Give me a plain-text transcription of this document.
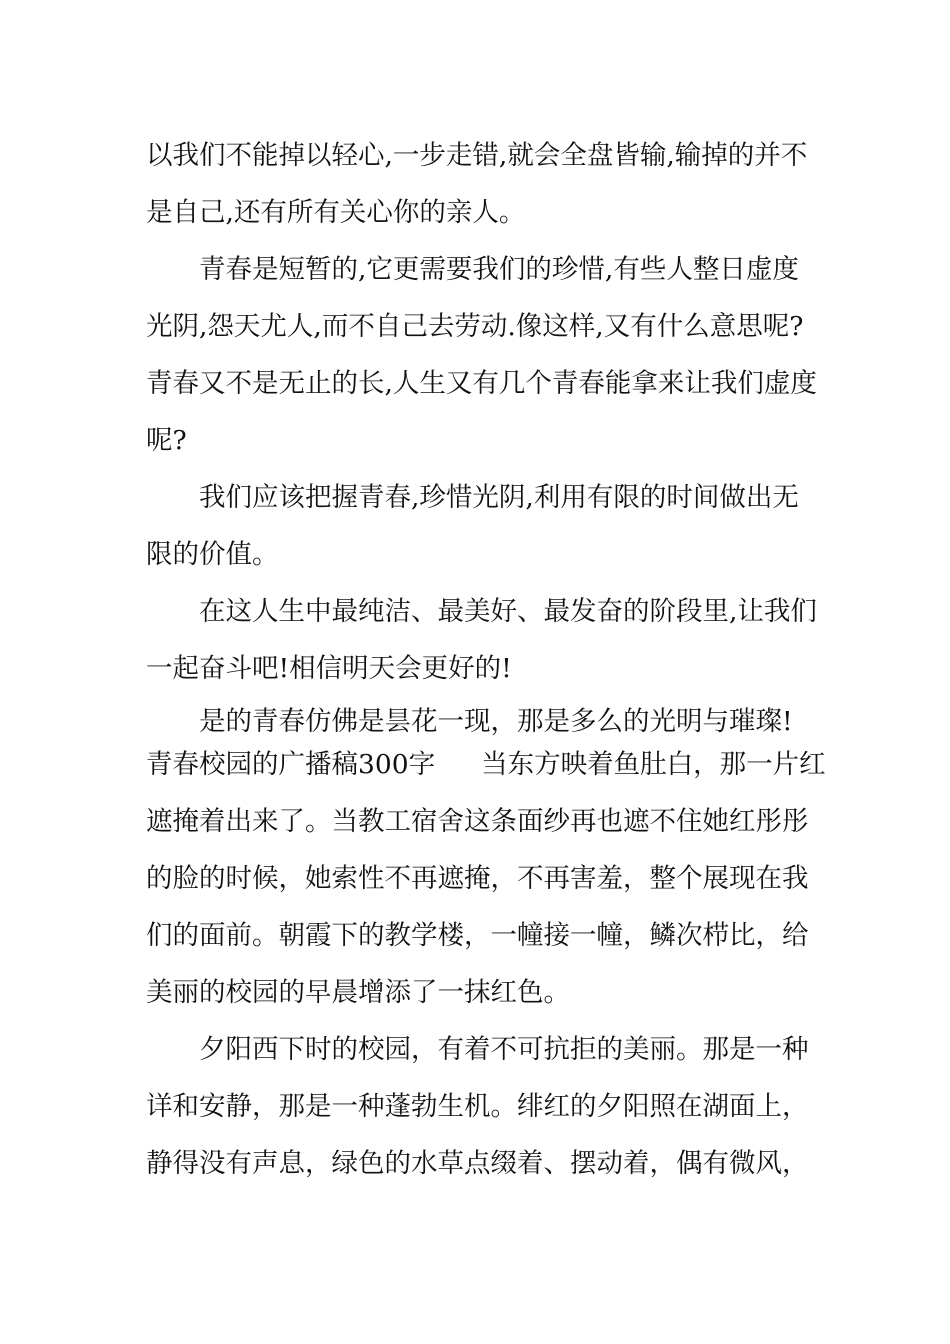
以我们不能掉以轻心,一步走错,就会全盘皆输,输掉的并不
是自己,还有所有关心你的亲人。
青春是短暂的,它更需要我们的珍惜,有些人整日虚度
光阴,怨天尤人,而不自己去劳动.像这样,又有什么意思呢?
青春又不是无止的长,人生又有几个青春能拿来让我们虚度
呢?
我们应该把握青春,珍惜光阴,利用有限的时间做出无
限的价值。
在这人生中最纯洁、最美好、最发奋的阶段里,让我们
一起奋斗吧!相信明天会更好的!
是的青春仿佛是昙花一现，那是多么的光明与璀璨!
青春校园的广播稿300字 当东方映着鱼肚白，那一片红
遮掩着出来了。当教工宿舍这条面纱再也遮不住她红彤彤
的脸的时候，她索性不再遮掩，不再害羞，整个展现在我
们的面前。朝霞下的教学楼，一幢接一幢，鳞次栉比，给
美丽的校园的早晨增添了一抹红色。
夕阳西下时的校园，有着不可抗拒的美丽。那是一种
详和安静，那是一种蓬勃生机。绯红的夕阳照在湖面上，
静得没有声息，绿色的水草点缀着、摆动着，偶有微风，
